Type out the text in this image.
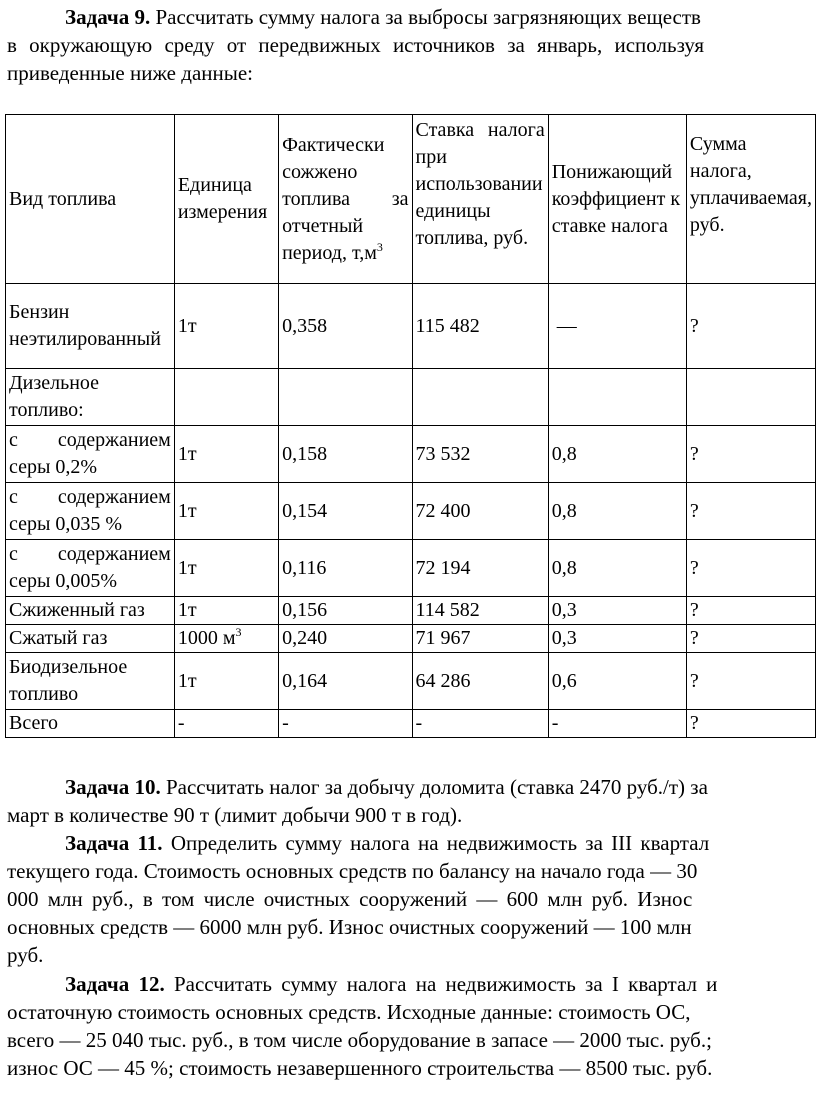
Задача 9. Рассчитать сумму налога за выбросы загрязняющих веществ
в окружающую среду от передвижных источников за январь, используя
приведенные ниже данные:
Вид топлива	Единица измерения	Фактически сожжено топлива за отчетный период, $т,м^3$	Ставка налога при использовании единицы топлива, руб.	Понижающий коэффициент к ставке налога	Сумма налога, уплачиваемая, руб.
Бензин неэтилированный	1т	0,358	115 482	—	?
Дизельное топливо:					
с содержанием серы 0,2%	1т	0,158	73 532	0,8	?
с содержанием серы 0,035 %	1т	0,154	72 400	0,8	?
с содержанием серы 0,005%	1т	0,116	72 194	0,8	?
Сжиженный газ	1т	0,156	114 582	0,3	?
Сжатый газ	1000 $м^3$	0,240	71 967	0,3	?
Биодизельное топливо	1т	0,164	64 286	0,6	?
Всего	-	-	-	-	?
Задача 10. Рассчитать налог за добычу доломита (ставка 2470 руб./т) за
март в количестве 90 т (лимит добычи 900 т в год).
Задача 11. Определить сумму налога на недвижимость за III квартал
текущего года. Стоимость основных средств по балансу на начало года — 30
000 млн руб., в том числе очистных сооружений — 600 млн руб. Износ
основных средств — 6000 млн руб. Износ очистных сооружений — 100 млн
руб.
Задача 12. Рассчитать сумму налога на недвижимость за I квартал и
остаточную стоимость основных средств. Исходные данные: стоимость ОС,
всего — 25 040 тыс. руб., в том числе оборудование в запасе — 2000 тыс. руб.;
износ ОС — 45 %; стоимость незавершенного строительства — 8500 тыс. руб.
